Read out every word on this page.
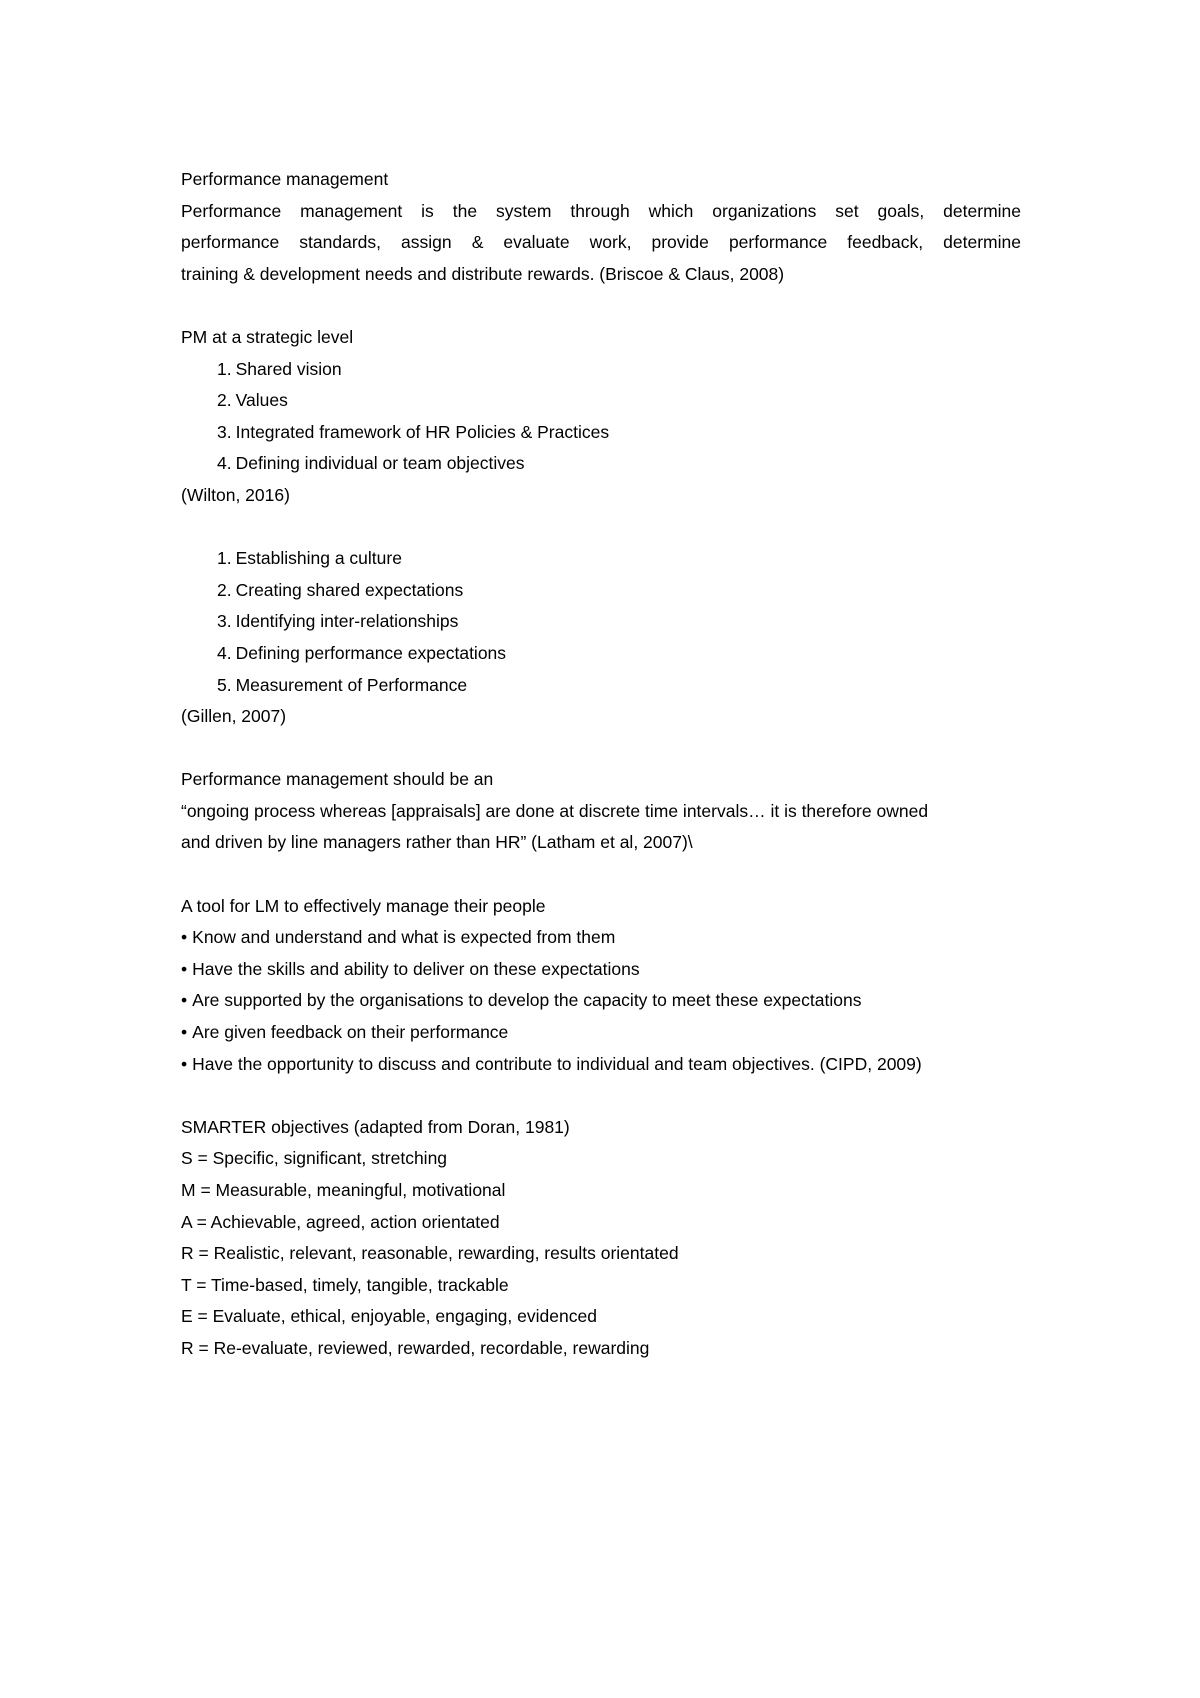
Performance management

Performance management is the system through which organizations set goals, determine

performance standards, assign & evaluate work, provide performance feedback, determine

training & development needs and distribute rewards. (Briscoe & Claus, 2008)

PM at a strategic level

1. Shared vision
2. Values
3. Integrated framework of HR Policies & Practices
4. Defining individual or team objectives

(Wilton, 2016)

1. Establishing a culture
2. Creating shared expectations
3. Identifying inter-relationships
4. Defining performance expectations
5. Measurement of Performance

(Gillen, 2007)

Performance management should be an

“ongoing process whereas [appraisals] are done at discrete time intervals… it is therefore owned

and driven by line managers rather than HR” (Latham et al, 2007)\

A tool for LM to effectively manage their people

• Know and understand and what is expected from them
• Have the skills and ability to deliver on these expectations
• Are supported by the organisations to develop the capacity to meet these expectations
• Are given feedback on their performance
• Have the opportunity to discuss and contribute to individual and team objectives. (CIPD, 2009)

SMARTER objectives (adapted from Doran, 1981)

S = Specific, significant, stretching

M = Measurable, meaningful, motivational

A = Achievable, agreed, action orientated

R = Realistic, relevant, reasonable, rewarding, results orientated

T = Time-based, timely, tangible, trackable

E = Evaluate, ethical, enjoyable, engaging, evidenced

R = Re-evaluate, reviewed, rewarded, recordable, rewarding
